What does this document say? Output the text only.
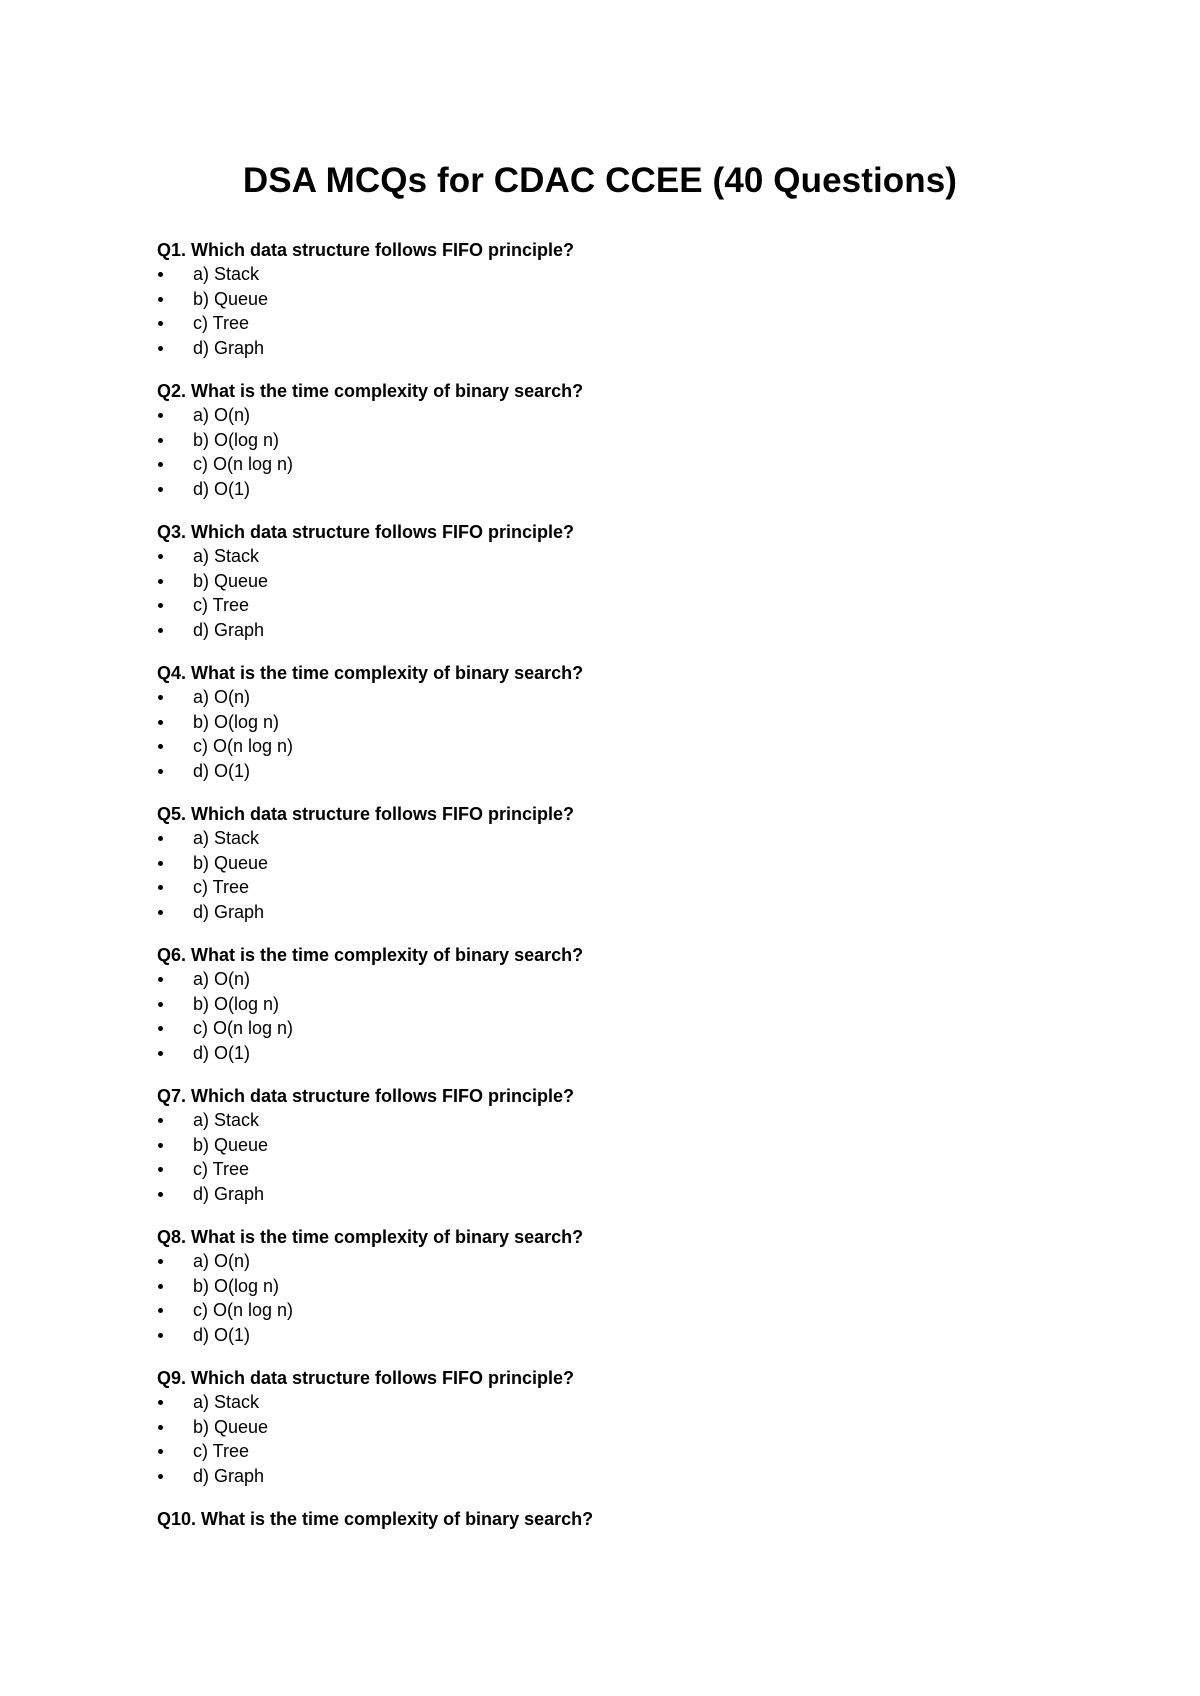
DSA MCQs for CDAC CCEE (40 Questions)

Q1. Which data structure follows FIFO principle?

a) Stack
b) Queue
c) Tree
d) Graph

Q2. What is the time complexity of binary search?

a) O(n)
b) O(log n)
c) O(n log n)
d) O(1)

Q3. Which data structure follows FIFO principle?

a) Stack
b) Queue
c) Tree
d) Graph

Q4. What is the time complexity of binary search?

a) O(n)
b) O(log n)
c) O(n log n)
d) O(1)

Q5. Which data structure follows FIFO principle?

a) Stack
b) Queue
c) Tree
d) Graph

Q6. What is the time complexity of binary search?

a) O(n)
b) O(log n)
c) O(n log n)
d) O(1)

Q7. Which data structure follows FIFO principle?

a) Stack
b) Queue
c) Tree
d) Graph

Q8. What is the time complexity of binary search?

a) O(n)
b) O(log n)
c) O(n log n)
d) O(1)

Q9. Which data structure follows FIFO principle?

a) Stack
b) Queue
c) Tree
d) Graph

Q10. What is the time complexity of binary search?
